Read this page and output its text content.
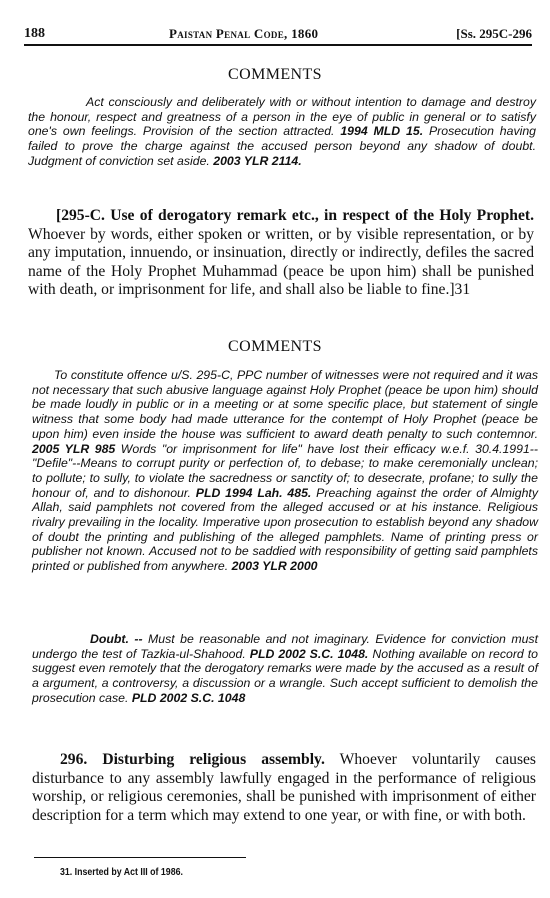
188	Paistan Penal Code, 1860	[Ss. 295C-296
COMMENTS

Act consciously and deliberately with or without intention to damage and destroy the honour, respect and greatness of a person in the eye of public in general or to satisfy one's own feelings. Provision of the section attracted. 1994 MLD 15. Prosecution having failed to prove the charge against the accused person beyond any shadow of doubt. Judgment of conviction set aside. 2003 YLR 2114.

[295-C. Use of derogatory remark etc., in respect of the Holy Prophet. Whoever by words, either spoken or written, or by visible representation, or by any imputation, innuendo, or insinuation, directly or indirectly, defiles the sacred name of the Holy Prophet Muhammad (peace be upon him) shall be punished with death, or imprisonment for life, and shall also be liable to fine.]31

COMMENTS

To constitute offence u/S. 295-C, PPC number of witnesses were not required and it was not necessary that such abusive language against Holy Prophet (peace be upon him) should be made loudly in public or in a meeting or at some specific place, but statement of single witness that some body had made utterance for the contempt of Holy Prophet (peace be upon him) even inside the house was sufficient to award death penalty to such contemnor. 2005 YLR 985 Words "or imprisonment for life" have lost their efficacy w.e.f. 30.4.1991--"Defile"--Means to corrupt purity or perfection of, to debase; to make ceremonially unclean; to pollute; to sully, to violate the sacredness or sanctity of; to desecrate, profane; to sully the honour of, and to dishonour. PLD 1994 Lah. 485. Preaching against the order of Almighty Allah, said pamphlets not covered from the alleged accused or at his instance. Religious rivalry prevailing in the locality. Imperative upon prosecution to establish beyond any shadow of doubt the printing and publishing of the alleged pamphlets. Name of printing press or publisher not known. Accused not to be saddied with responsibility of getting said pamphlets printed or published from anywhere. 2003 YLR 2000

Doubt. -- Must be reasonable and not imaginary. Evidence for conviction must undergo the test of Tazkia-ul-Shahood. PLD 2002 S.C. 1048. Nothing available on record to suggest even remotely that the derogatory remarks were made by the accused as a result of a argument, a controversy, a discussion or a wrangle. Such accept sufficient to demolish the prosecution case. PLD 2002 S.C. 1048

296. Disturbing religious assembly. Whoever voluntarily causes disturbance to any assembly lawfully engaged in the performance of religious worship, or religious ceremonies, shall be punished with imprisonment of either description for a term which may extend to one year, or with fine, or with both.

31. Inserted by Act III of 1986.
